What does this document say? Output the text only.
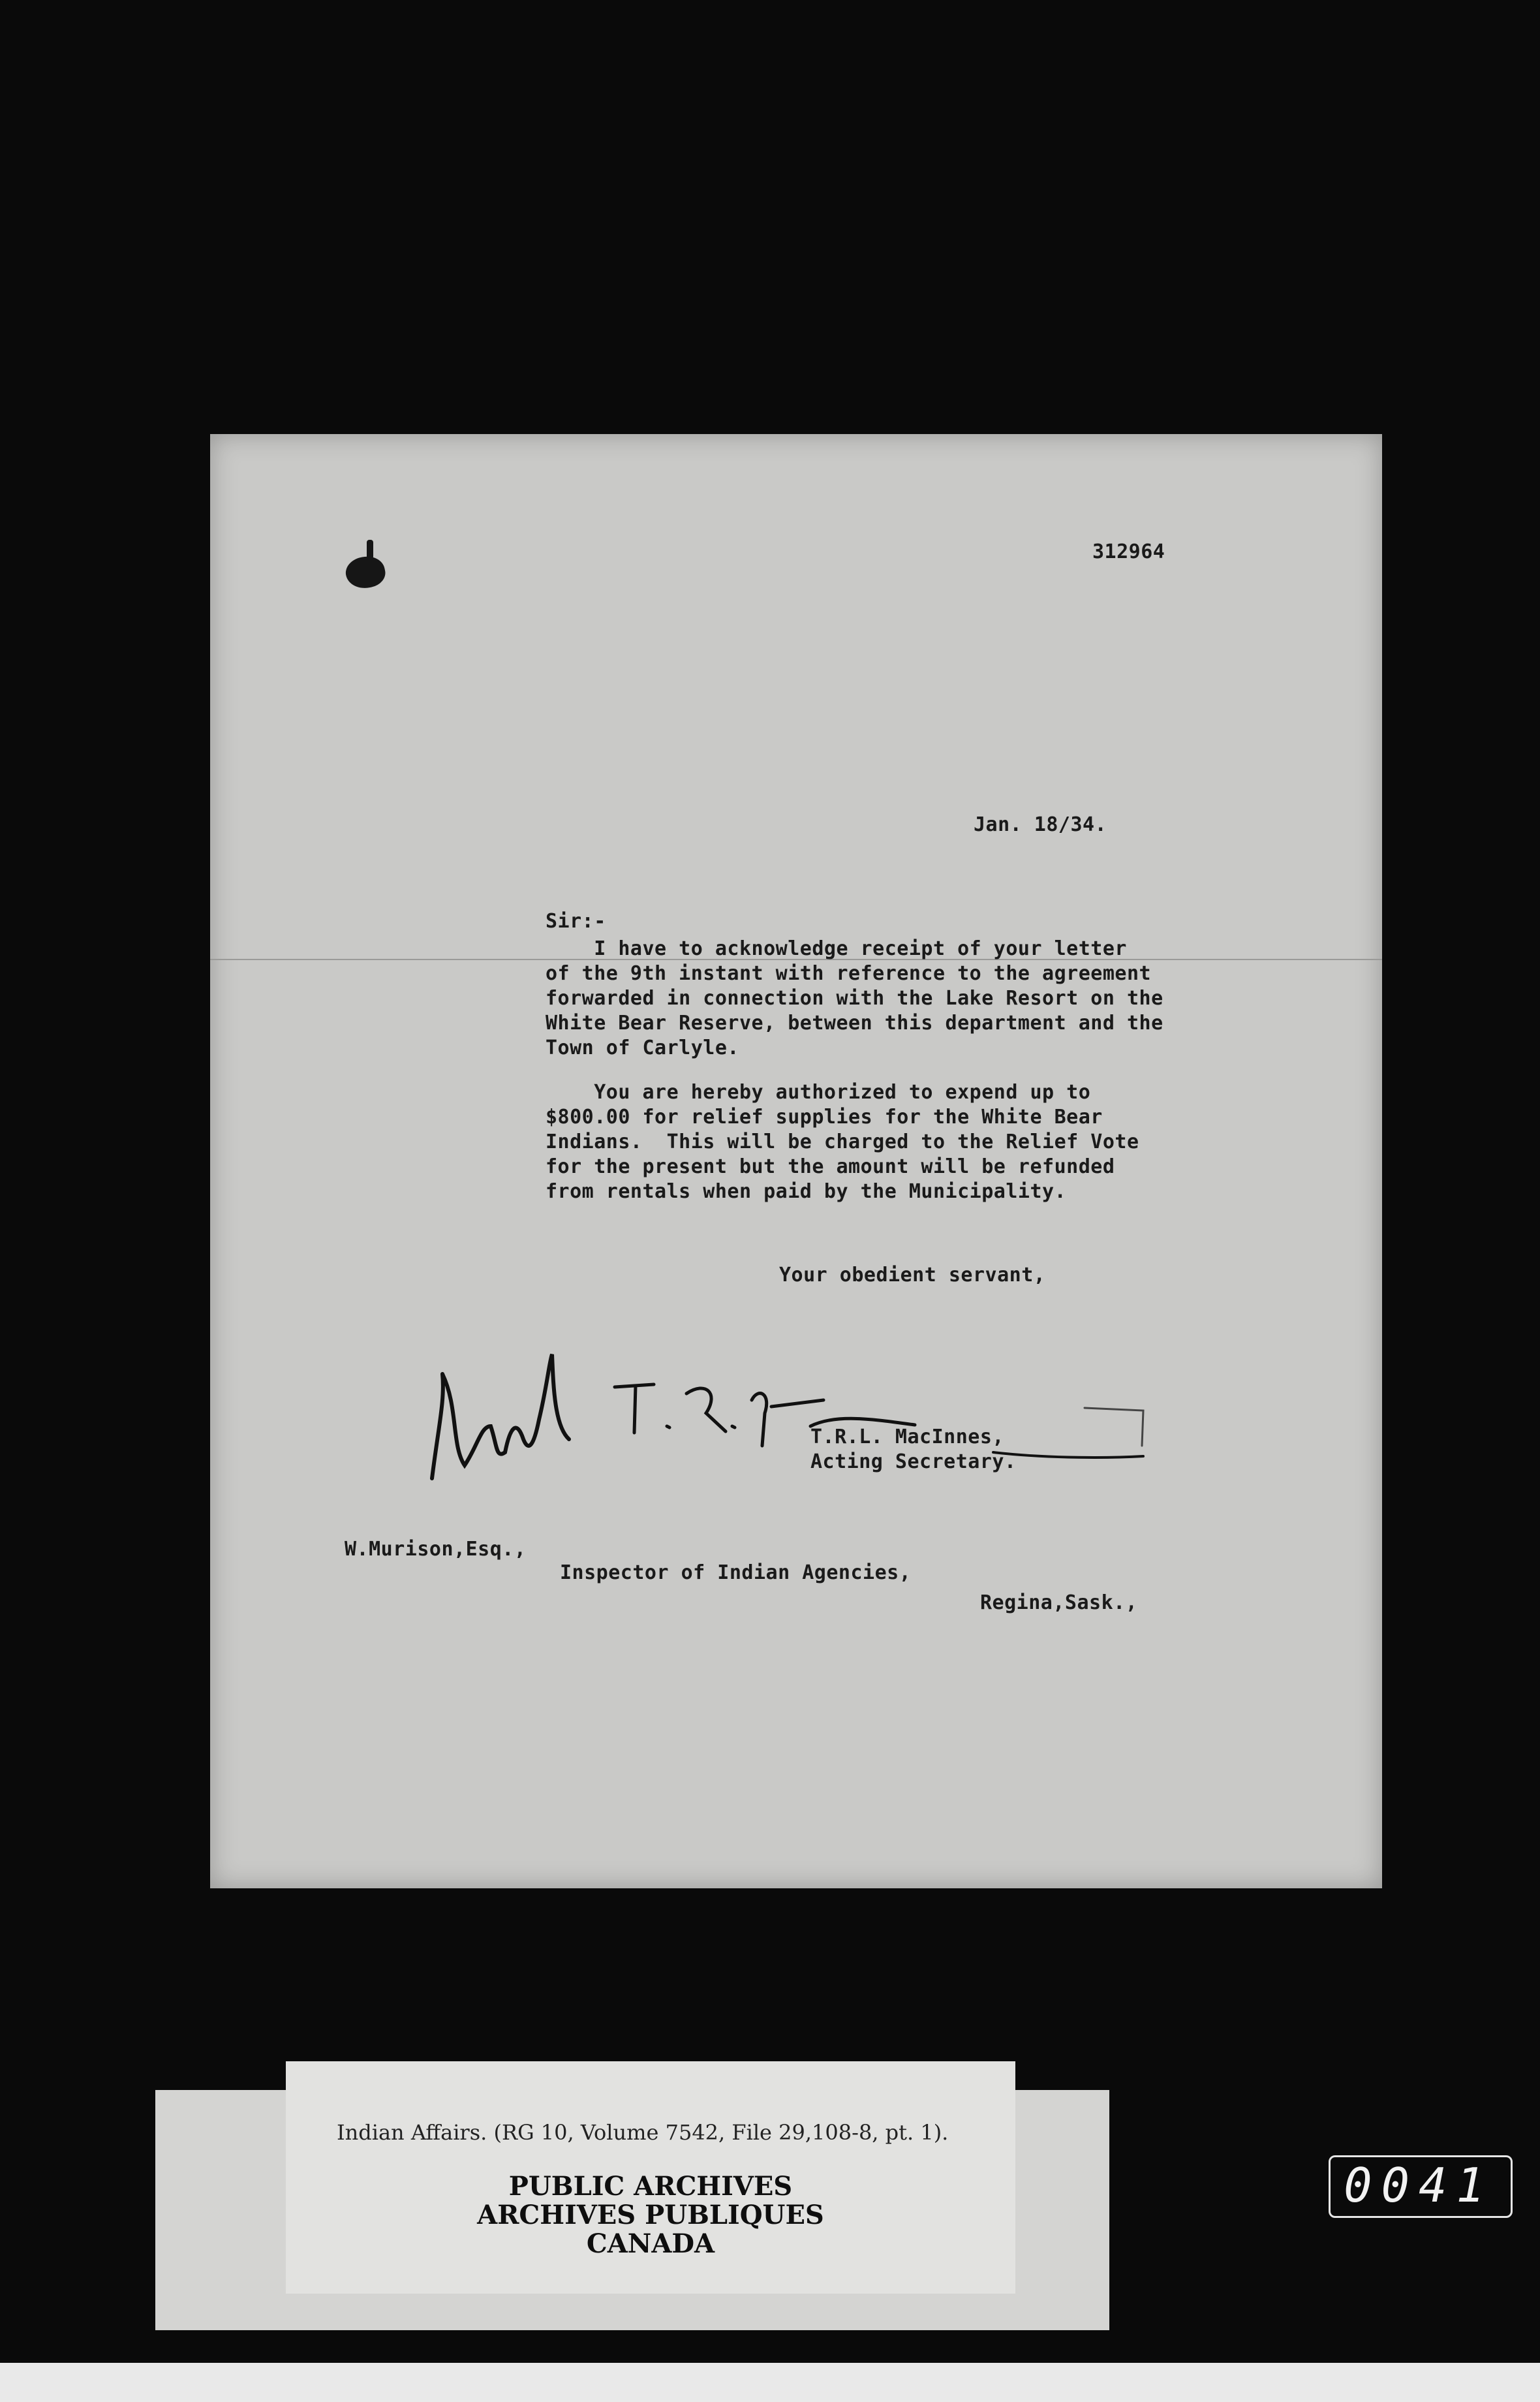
312964
Jan. 18/34.
Sir:-
I have to acknowledge receipt of your letter
of the 9th instant with reference to the agreement
forwarded in connection with the Lake Resort on the
White Bear Reserve, between this department and the
Town of Carlyle.
You are hereby authorized to expend up to
$800.00 for relief supplies for the White Bear
Indians.  This will be charged to the Relief Vote
for the present but the amount will be refunded
from rentals when paid by the Municipality.
Your obedient servant,
T.R.L. MacInnes,
Acting Secretary.
W.Murison,Esq.,
Inspector of Indian Agencies,
Regina,Sask.,
Indian Affairs. (RG 10, Volume 7542, File 29,108-8, pt. 1).
PUBLIC ARCHIVES
ARCHIVES PUBLIQUES
CANADA
0041
